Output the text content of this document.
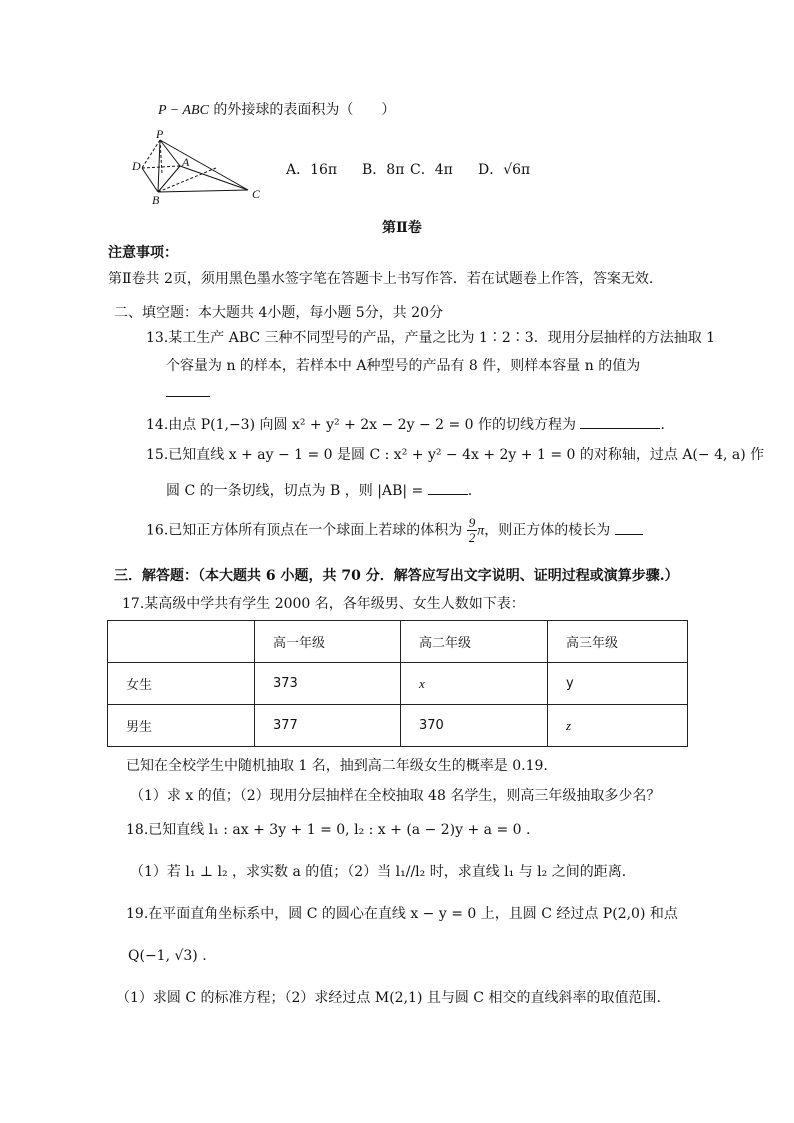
P − ABC 的外接球的表面积为（　　）
P
A
B	C
D	A．16π B．8π C．4π D．√6π
第Ⅱ卷
注意事项：
第Ⅱ卷共 2页，须用黑色墨水签字笔在答题卡上书写作答．若在试题卷上作答，答案无效．
二、填空题：本大题共 4小题，每小题 5分，共 20分
13.某工生产 ABC 三种不同型号的产品，产量之比为 1∶2∶3．现用分层抽样的方法抽取 1
个容量为 n 的样本，若样本中 A种型号的产品有 8 件，则样本容量 n 的值为
14.由点 P(1,−3) 向圆 x² + y² + 2x − 2y − 2 = 0 作的切线方程为	．
15.已知直线 x + ay − 1 = 0 是圆 C : x² + y² − 4x + 2y + 1 = 0 的对称轴，过点 A(− 4, a) 作
圆 C 的一条切线，切点为 B ，则 |AB| =	.
16.已知正方体所有顶点在一个球面上若球的体积为 $\frac{9}{2}$ π，则正方体的棱长为
三．解答题：（本大题共 6 小题，共 70 分．解答应写出文字说明、证明过程或演算步骤.）
17.某高级中学共有学生 2000 名，各年级男、女生人数如下表：
	高一年级	高二年级	高三年级
女生	373	x	y
男生	377	370	z
已知在全校学生中随机抽取 1 名，抽到高二年级女生的概率是 0.19.
（1）求 x 的值；（2）现用分层抽样在全校抽取 48 名学生，则高三年级抽取多少名？
18.已知直线 l₁ : ax + 3y + 1 = 0, l₂ : x + (a − 2)y + a = 0 .
（1）若 l₁ ⊥ l₂ ，求实数 a 的值；（2）当 l₁//l₂ 时，求直线 l₁ 与 l₂ 之间的距离．
19.在平面直角坐标系中，圆 C 的圆心在直线 x − y = 0 上，且圆 C 经过点 P(2,0) 和点
Q(−1, √3) .
（1）求圆 C 的标准方程；（2）求经过点 M(2,1) 且与圆 C 相交的直线斜率的取值范围.
